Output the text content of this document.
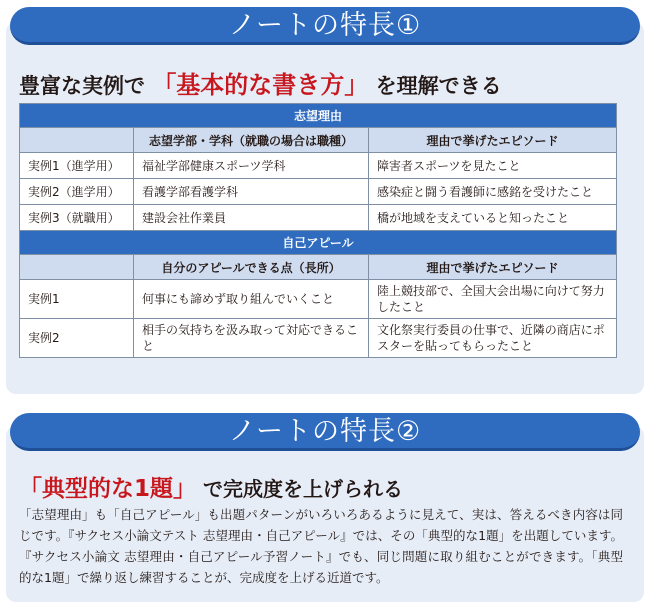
ノートの特長①
豊富な実例で 「基本的な書き方」 を理解できる
志望理由		
	志望学部・学科（就職の場合は職種）	理由で挙げたエピソード
実例1（進学用）	福祉学部健康スポーツ学科	障害者スポーツを見たこと
実例2（進学用）	看護学部看護学科	感染症と闘う看護師に感銘を受けたこと
実例3（就職用）	建設会社作業員	橋が地域を支えていると知ったこと
自己アピール		
	自分のアピールできる点（長所）	理由で挙げたエピソード
実例1	何事にも諦めず取り組んでいくこと	陸上競技部で、全国大会出場に向けて努力したこと
実例2	相手の気持ちを汲み取って対応できること	文化祭実行委員の仕事で、近隣の商店にポスターを貼ってもらったこと
ノートの特長②
「典型的な1題」 で完成度を上げられる

「志望理由」も「自己アピール」も出題パターンがいろいろあるように見えて、実は、答えるべき内容は同じです。『サクセス小論文テスト 志望理由・自己アピール』では、その「典型的な1題」を出題しています。『サクセス小論文 志望理由・自己アピール予習ノート』でも、同じ問題に取り組むことができます。「典型的な1題」で繰り返し練習することが、完成度を上げる近道です。
